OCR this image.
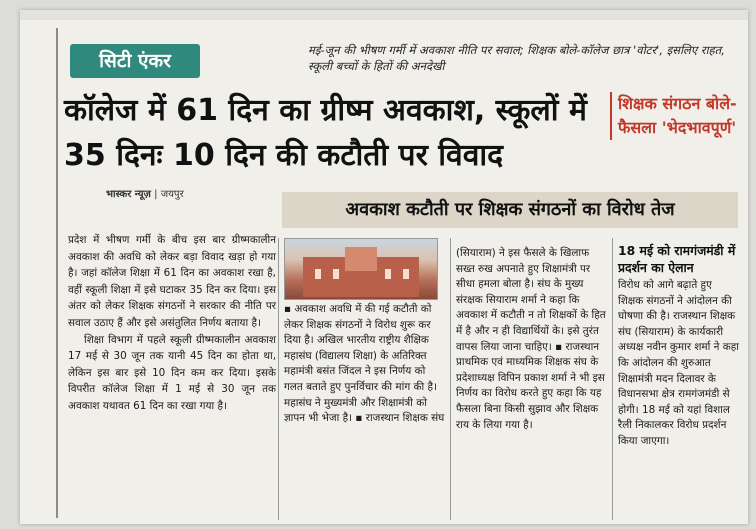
सिटी एंकर	मई-जून की भीषण गर्मी में अवकाश नीति पर सवाल; शिक्षक बोले-कॉलेज छात्र 'वोटर', इसलिए राहत, स्कूली बच्चों के हितों की अनदेखी
कॉलेज में 61 दिन का ग्रीष्म अवकाश, स्कूलों में 35 दिनः 10 दिन की कटौती पर विवाद
शिक्षक संगठन बोले- फैसला 'भेदभावपूर्ण'
भास्कर न्यूज़ | जयपुर
अवकाश कटौती पर शिक्षक संगठनों का विरोध तेज

प्रदेश में भीषण गर्मी के बीच इस बार ग्रीष्मकालीन अवकाश की अवधि को लेकर बड़ा विवाद खड़ा हो गया है। जहां कॉलेज शिक्षा में 61 दिन का अवकाश रखा है, वहीं स्कूली शिक्षा में इसे घटाकर 35 दिन कर दिया। इस अंतर को लेकर शिक्षक संगठनों ने सरकार की नीति पर सवाल उठाए हैं और इसे असंतुलित निर्णय बताया है।

शिक्षा विभाग में पहले स्कूली ग्रीष्मकालीन अवकाश 17 मई से 30 जून तक यानी 45 दिन का होता था, लेकिन इस बार इसे 10 दिन कम कर दिया। इसके विपरीत कॉलेज शिक्षा में 1 मई से 30 जून तक अवकाश यथावत 61 दिन का रखा गया है।

▪ अवकाश अवधि में की गई कटौती को लेकर शिक्षक संगठनों ने विरोध शुरू कर दिया है। अखिल भारतीय राष्ट्रीय शैक्षिक महासंघ (विद्यालय शिक्षा) के अतिरिक्त महामंत्री बसंत जिंदल ने इस निर्णय को गलत बताते हुए पुनर्विचार की मांग की है। महासंघ ने मुख्यमंत्री और शिक्षामंत्री को ज्ञापन भी भेजा है। ▪ राजस्थान शिक्षक संघ
(सियाराम) ने इस फैसले के खिलाफ सख्त रुख अपनाते हुए शिक्षामंत्री पर सीधा हमला बोला है। संघ के मुख्य संरक्षक सियाराम शर्मा ने कहा कि अवकाश में कटौती न तो शिक्षकों के हित में है और न ही विद्यार्थियों के। इसे तुरंत वापस लिया जाना चाहिए। ▪ राजस्थान प्राथमिक एवं माध्यमिक शिक्षक संघ के प्रदेशाध्यक्ष विपिन प्रकाश शर्मा ने भी इस निर्णय का विरोध करते हुए कहा कि यह फैसला बिना किसी सुझाव और शिक्षक राय के लिया गया है।
18 मई को रामगंजमंडी में प्रदर्शन का ऐलान
विरोध को आगे बढ़ाते हुए शिक्षक संगठनों ने आंदोलन की घोषणा की है। राजस्थान शिक्षक संघ (सियाराम) के कार्यकारी अध्यक्ष नवीन कुमार शर्मा ने कहा कि आंदोलन की शुरुआत शिक्षामंत्री मदन दिलावर के विधानसभा क्षेत्र रामगंजमंडी से होगी। 18 मई को यहां विशाल रैली निकालकर विरोध प्रदर्शन किया जाएगा।
